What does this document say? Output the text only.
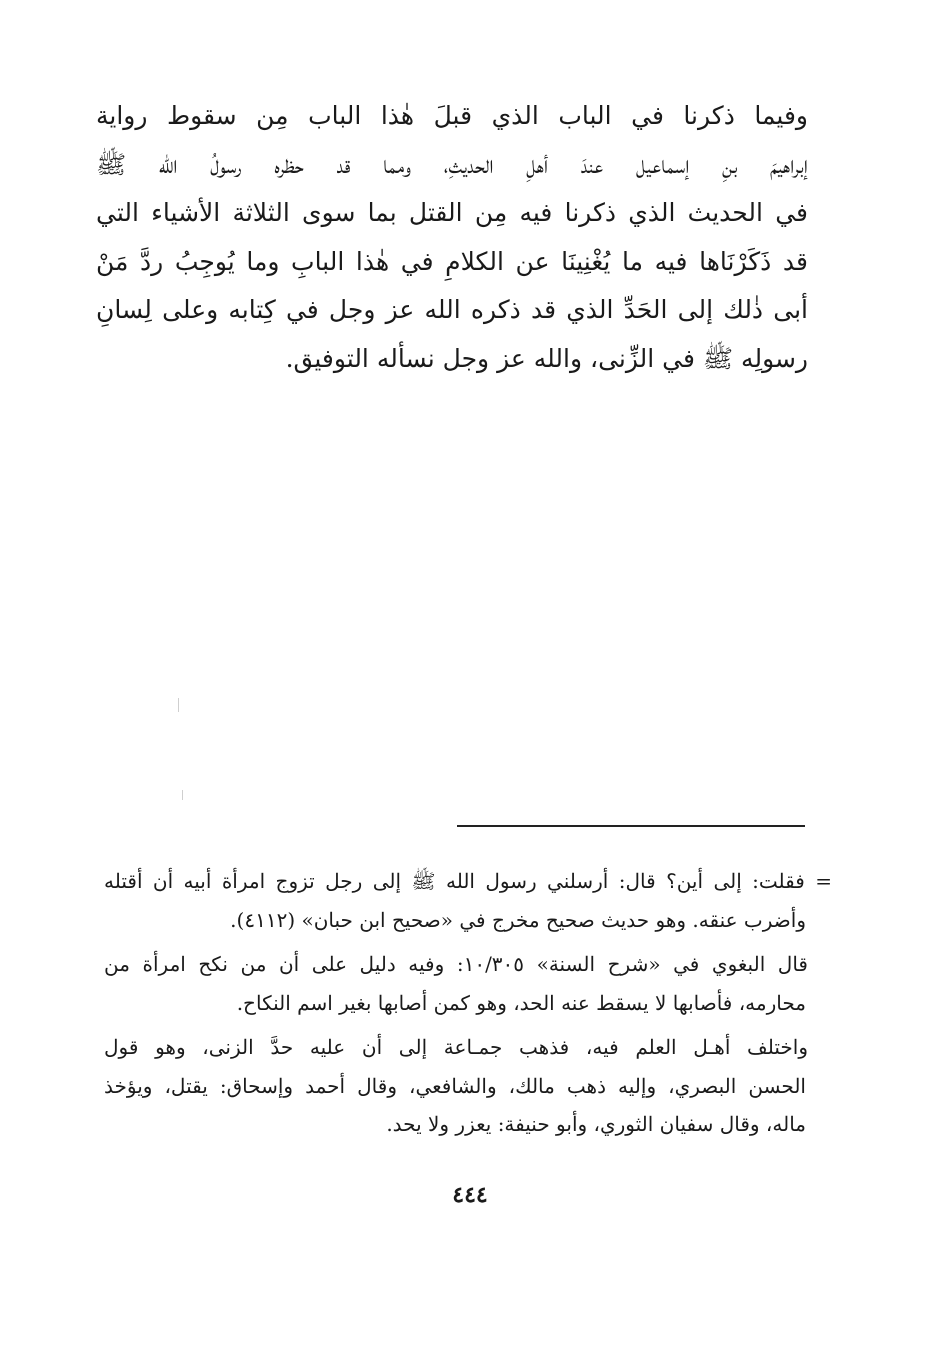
وفيما ذكرنا في الباب الذي قبلَ هٰذا الباب مِن سقوط رواية
إبراهيمَ بنِ إسماعيل عندَ أهلِ الحديثِ، ومما قد حظره رسولُ الله ﷺ
في الحديث الذي ذكرنا فيه مِن القتل بما سوى الثلاثة الأشياء التي
قد ذَكَرْنَاها فيه ما يُغْنِينَا عن الكلامِ في هٰذا البابِ وما يُوجِبُ ردَّ مَنْ
أبى ذٰلك إلى الحَدِّ الذي قد ذكره الله عز وجل في كِتابه وعلى لِسانِ
رسولِه ﷺ في الزِّنى، والله عز وجل نسأله التوفيق.
= فقلت: إلى أين؟ قال: أرسلني رسول الله ﷺ إلى رجل تزوج امرأة أبيه أن أقتله
وأضرب عنقه. وهو حديث صحيح مخرج في «صحيح ابن حبان» (٤١١٢).
قال البغوي في «شرح السنة» ١٠/٣٠٥: وفيه دليل على أن من نكح امرأة من
محارمه، فأصابها لا يسقط عنه الحد، وهو كمن أصابها بغير اسم النكاح.
واختلف أهـل العلم فيه، فذهب جمـاعة إلى أن عليه حدَّ الزنى، وهو قول
الحسن البصري، وإليه ذهب مالك، والشافعي، وقال أحمد وإسحاق: يقتل، ويؤخذ
ماله، وقال سفيان الثوري، وأبو حنيفة: يعزر ولا يحد.
٤٤٤
